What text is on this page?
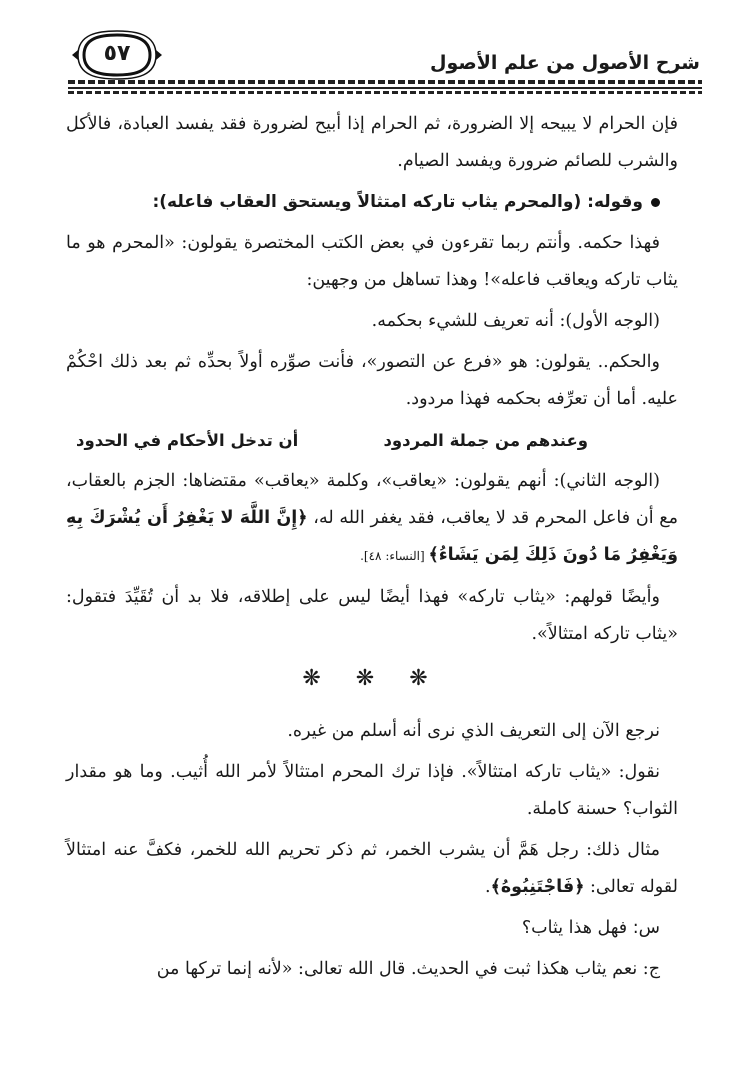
شرح الأصول من علم الأصول
٥٧

فإن الحرام لا يبيحه إلا الضرورة، ثم الحرام إذا أبيح لضرورة فقد يفسد العبادة، فالأكل والشرب للصائم ضرورة ويفسد الصيام.

وقوله: (والمحرم يثاب تاركه امتثالاً ويستحق العقاب فاعله):

فهذا حكمه. وأنتم ربما تقرءون في بعض الكتب المختصرة يقولون: «المحرم هو ما يثاب تاركه ويعاقب فاعله»! وهذا تساهل من وجهين:

(الوجه الأول): أنه تعريف للشيء بحكمه.

والحكم.. يقولون: هو «فرع عن التصور»، فأنت صوِّره أولاً بحدِّه ثم بعد ذلك احْكُمْ عليه. أما أن تعرِّفه بحكمه فهذا مردود.

وعندهم من جملة المردود
أن تدخل الأحكام في الحدود

(الوجه الثاني): أنهم يقولون: «يعاقب»، وكلمة «يعاقب» مقتضاها: الجزم بالعقاب، مع أن فاعل المحرم قد لا يعاقب، فقد يغفر الله له، ﴿إِنَّ اللَّهَ لا يَغْفِرُ أَن يُشْرَكَ بِهِ وَيَغْفِرُ مَا دُونَ ذَلِكَ لِمَن يَشَاءُ﴾ [النساء: ٤٨].

وأيضًا قولهم: «يثاب تاركه» فهذا أيضًا ليس على إطلاقه، فلا بد أن تُقَيِّدَ فتقول: «يثاب تاركه امتثالاً».

❋ ❋ ❋

نرجع الآن إلى التعريف الذي نرى أنه أسلم من غيره.

نقول: «يثاب تاركه امتثالاً». فإذا ترك المحرم امتثالاً لأمر الله أُثيب. وما هو مقدار الثواب؟ حسنة كاملة.

مثال ذلك: رجل هَمَّ أن يشرب الخمر، ثم ذكر تحريم الله للخمر، فكفَّ عنه امتثالاً لقوله تعالى: ﴿فَاجْتَنِبُوهُ﴾.

س: فهل هذا يثاب؟

ج: نعم يثاب هكذا ثبت في الحديث. قال الله تعالى: «لأنه إنما تركها من
